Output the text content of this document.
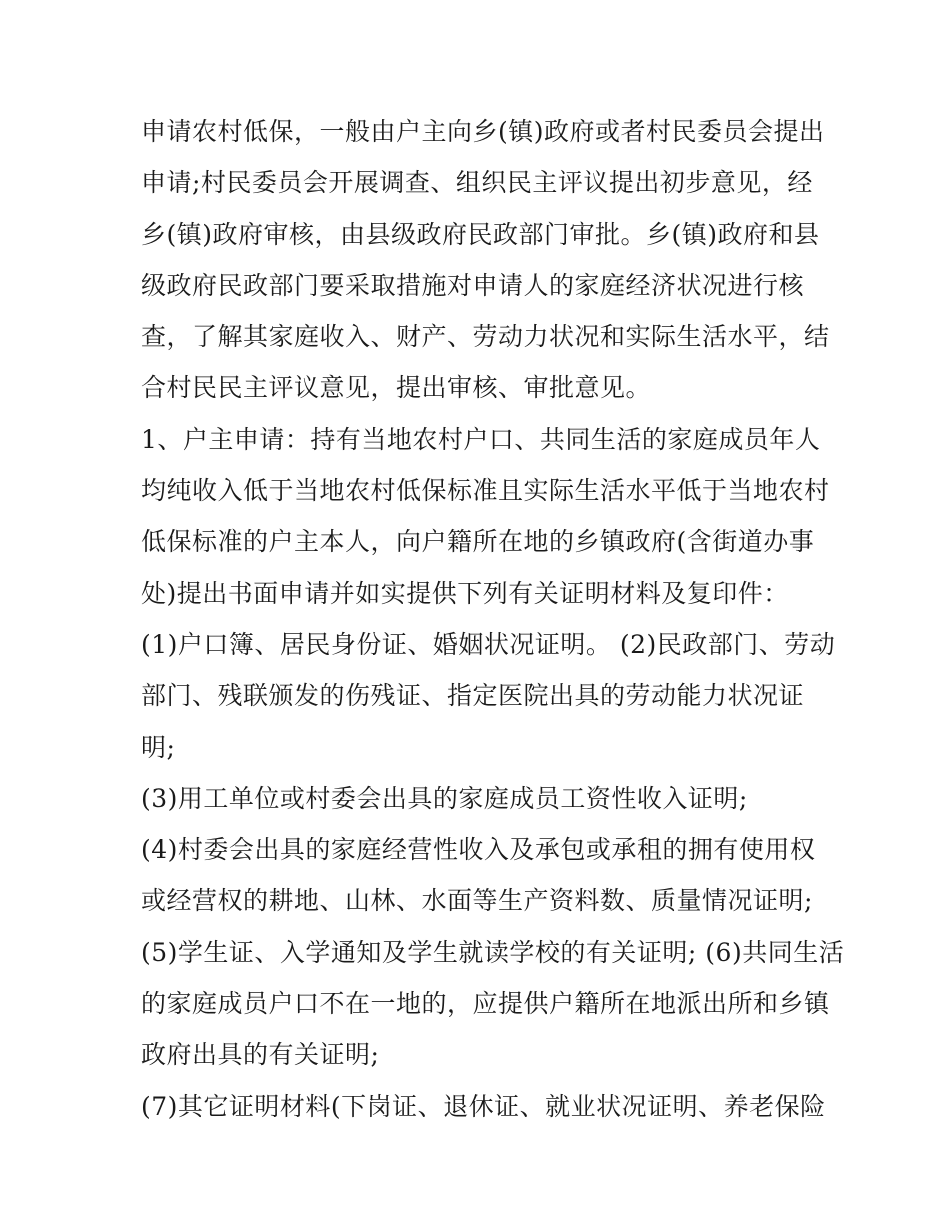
申请农村低保，一般由户主向乡(镇)政府或者村民委员会提出
申请;村民委员会开展调查、组织民主评议提出初步意见，经
乡(镇)政府审核，由县级政府民政部门审批。乡(镇)政府和县
级政府民政部门要采取措施对申请人的家庭经济状况进行核
查，了解其家庭收入、财产、劳动力状况和实际生活水平，结
合村民民主评议意见，提出审核、审批意见。
1、户主申请：持有当地农村户口、共同生活的家庭成员年人
均纯收入低于当地农村低保标准且实际生活水平低于当地农村
低保标准的户主本人，向户籍所在地的乡镇政府(含街道办事
处)提出书面申请并如实提供下列有关证明材料及复印件：
(1)户口簿、居民身份证、婚姻状况证明。 (2)民政部门、劳动
部门、残联颁发的伤残证、指定医院出具的劳动能力状况证
明;
(3)用工单位或村委会出具的家庭成员工资性收入证明;
(4)村委会出具的家庭经营性收入及承包或承租的拥有使用权
或经营权的耕地、山林、水面等生产资料数、质量情况证明;
(5)学生证、入学通知及学生就读学校的有关证明; (6)共同生活
的家庭成员户口不在一地的，应提供户籍所在地派出所和乡镇
政府出具的有关证明;
(7)其它证明材料(下岗证、退休证、就业状况证明、养老保险
